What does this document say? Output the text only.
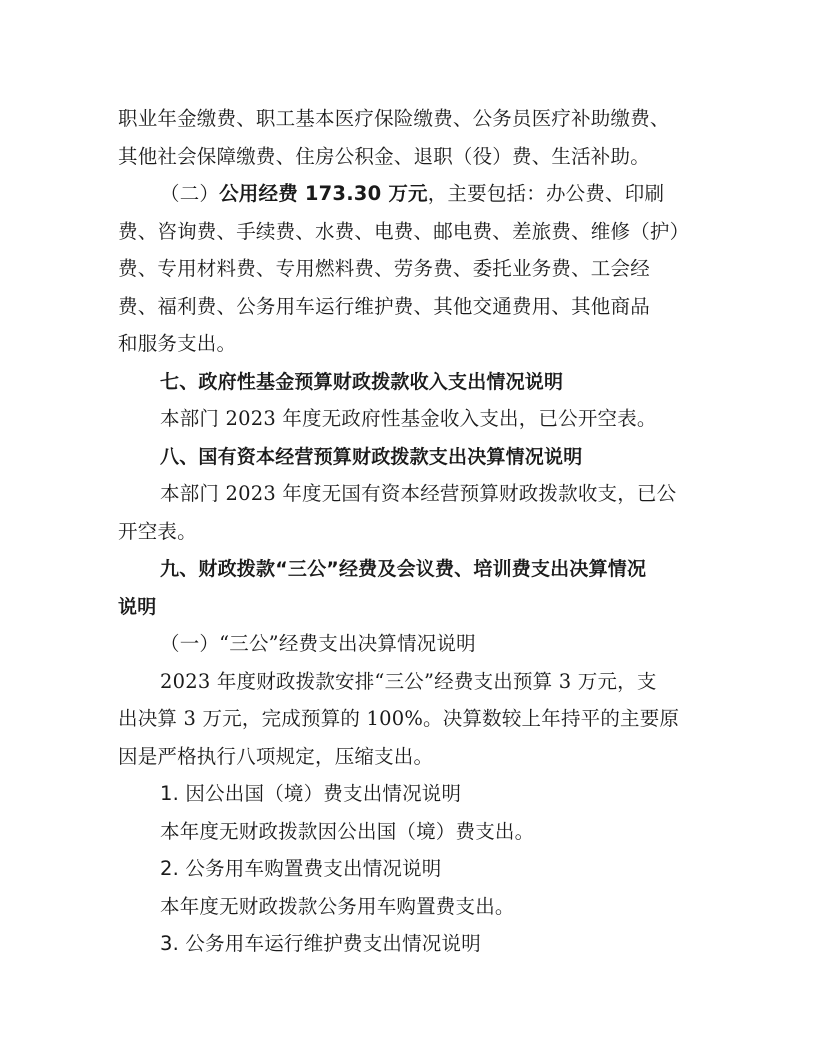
职业年金缴费、职工基本医疗保险缴费、公务员医疗补助缴费、
其他社会保障缴费、住房公积金、退职（役）费、生活补助。
（二）公用经费 173.30 万元，主要包括：办公费、印刷
费、咨询费、手续费、水费、电费、邮电费、差旅费、维修（护）
费、专用材料费、专用燃料费、劳务费、委托业务费、工会经
费、福利费、公务用车运行维护费、其他交通费用、其他商品
和服务支出。
七、政府性基金预算财政拨款收入支出情况说明
本部门 2023 年度无政府性基金收入支出，已公开空表。
八、国有资本经营预算财政拨款支出决算情况说明
本部门 2023 年度无国有资本经营预算财政拨款收支，已公
开空表。
九、财政拨款“三公”经费及会议费、培训费支出决算情况
说明
（一）“三公”经费支出决算情况说明
2023 年度财政拨款安排“三公”经费支出预算 3 万元，支
出决算 3 万元，完成预算的 100%。决算数较上年持平的主要原
因是严格执行八项规定，压缩支出。
1. 因公出国（境）费支出情况说明
本年度无财政拨款因公出国（境）费支出。
2. 公务用车购置费支出情况说明
本年度无财政拨款公务用车购置费支出。
3. 公务用车运行维护费支出情况说明
